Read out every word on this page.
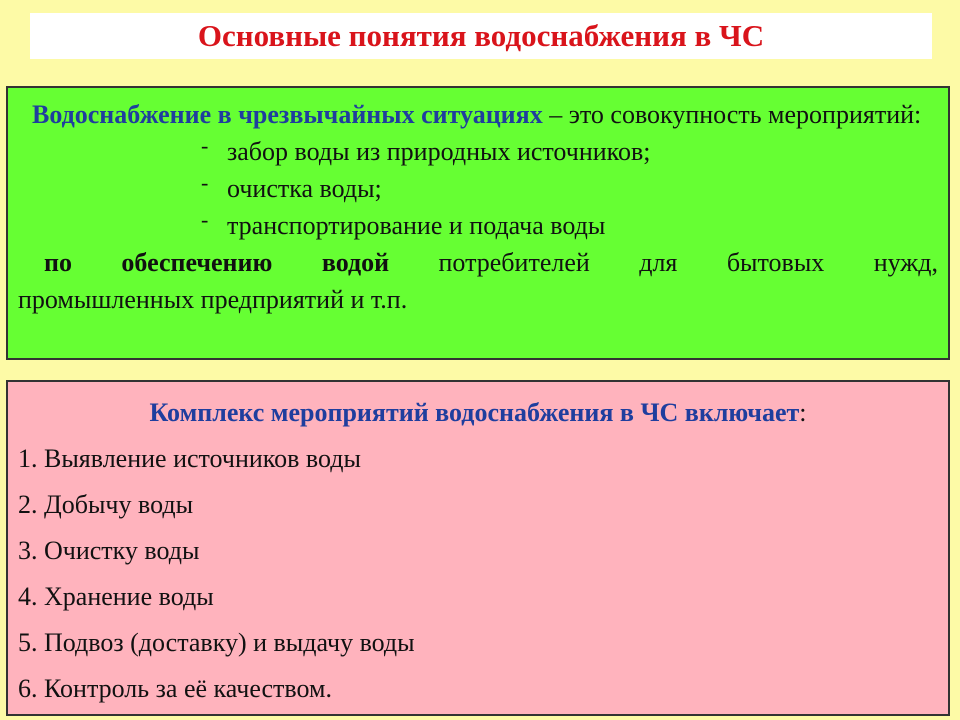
Основные понятия водоснабжения в ЧС

Водоснабжение в чрезвычайных ситуациях – это совокупность мероприятий:

- забор воды из природных источников;
- очистка воды;
- транспортирование и подача воды

по обеспечению водой потребителей для бытовых нужд,

промышленных предприятий и т.п.

Комплекс мероприятий водоснабжения в ЧС включает:

1. Выявление источников воды
2. Добычу воды
3. Очистку воды
4. Хранение воды
5. Подвоз (доставку) и выдачу воды
6. Контроль за её качеством.
